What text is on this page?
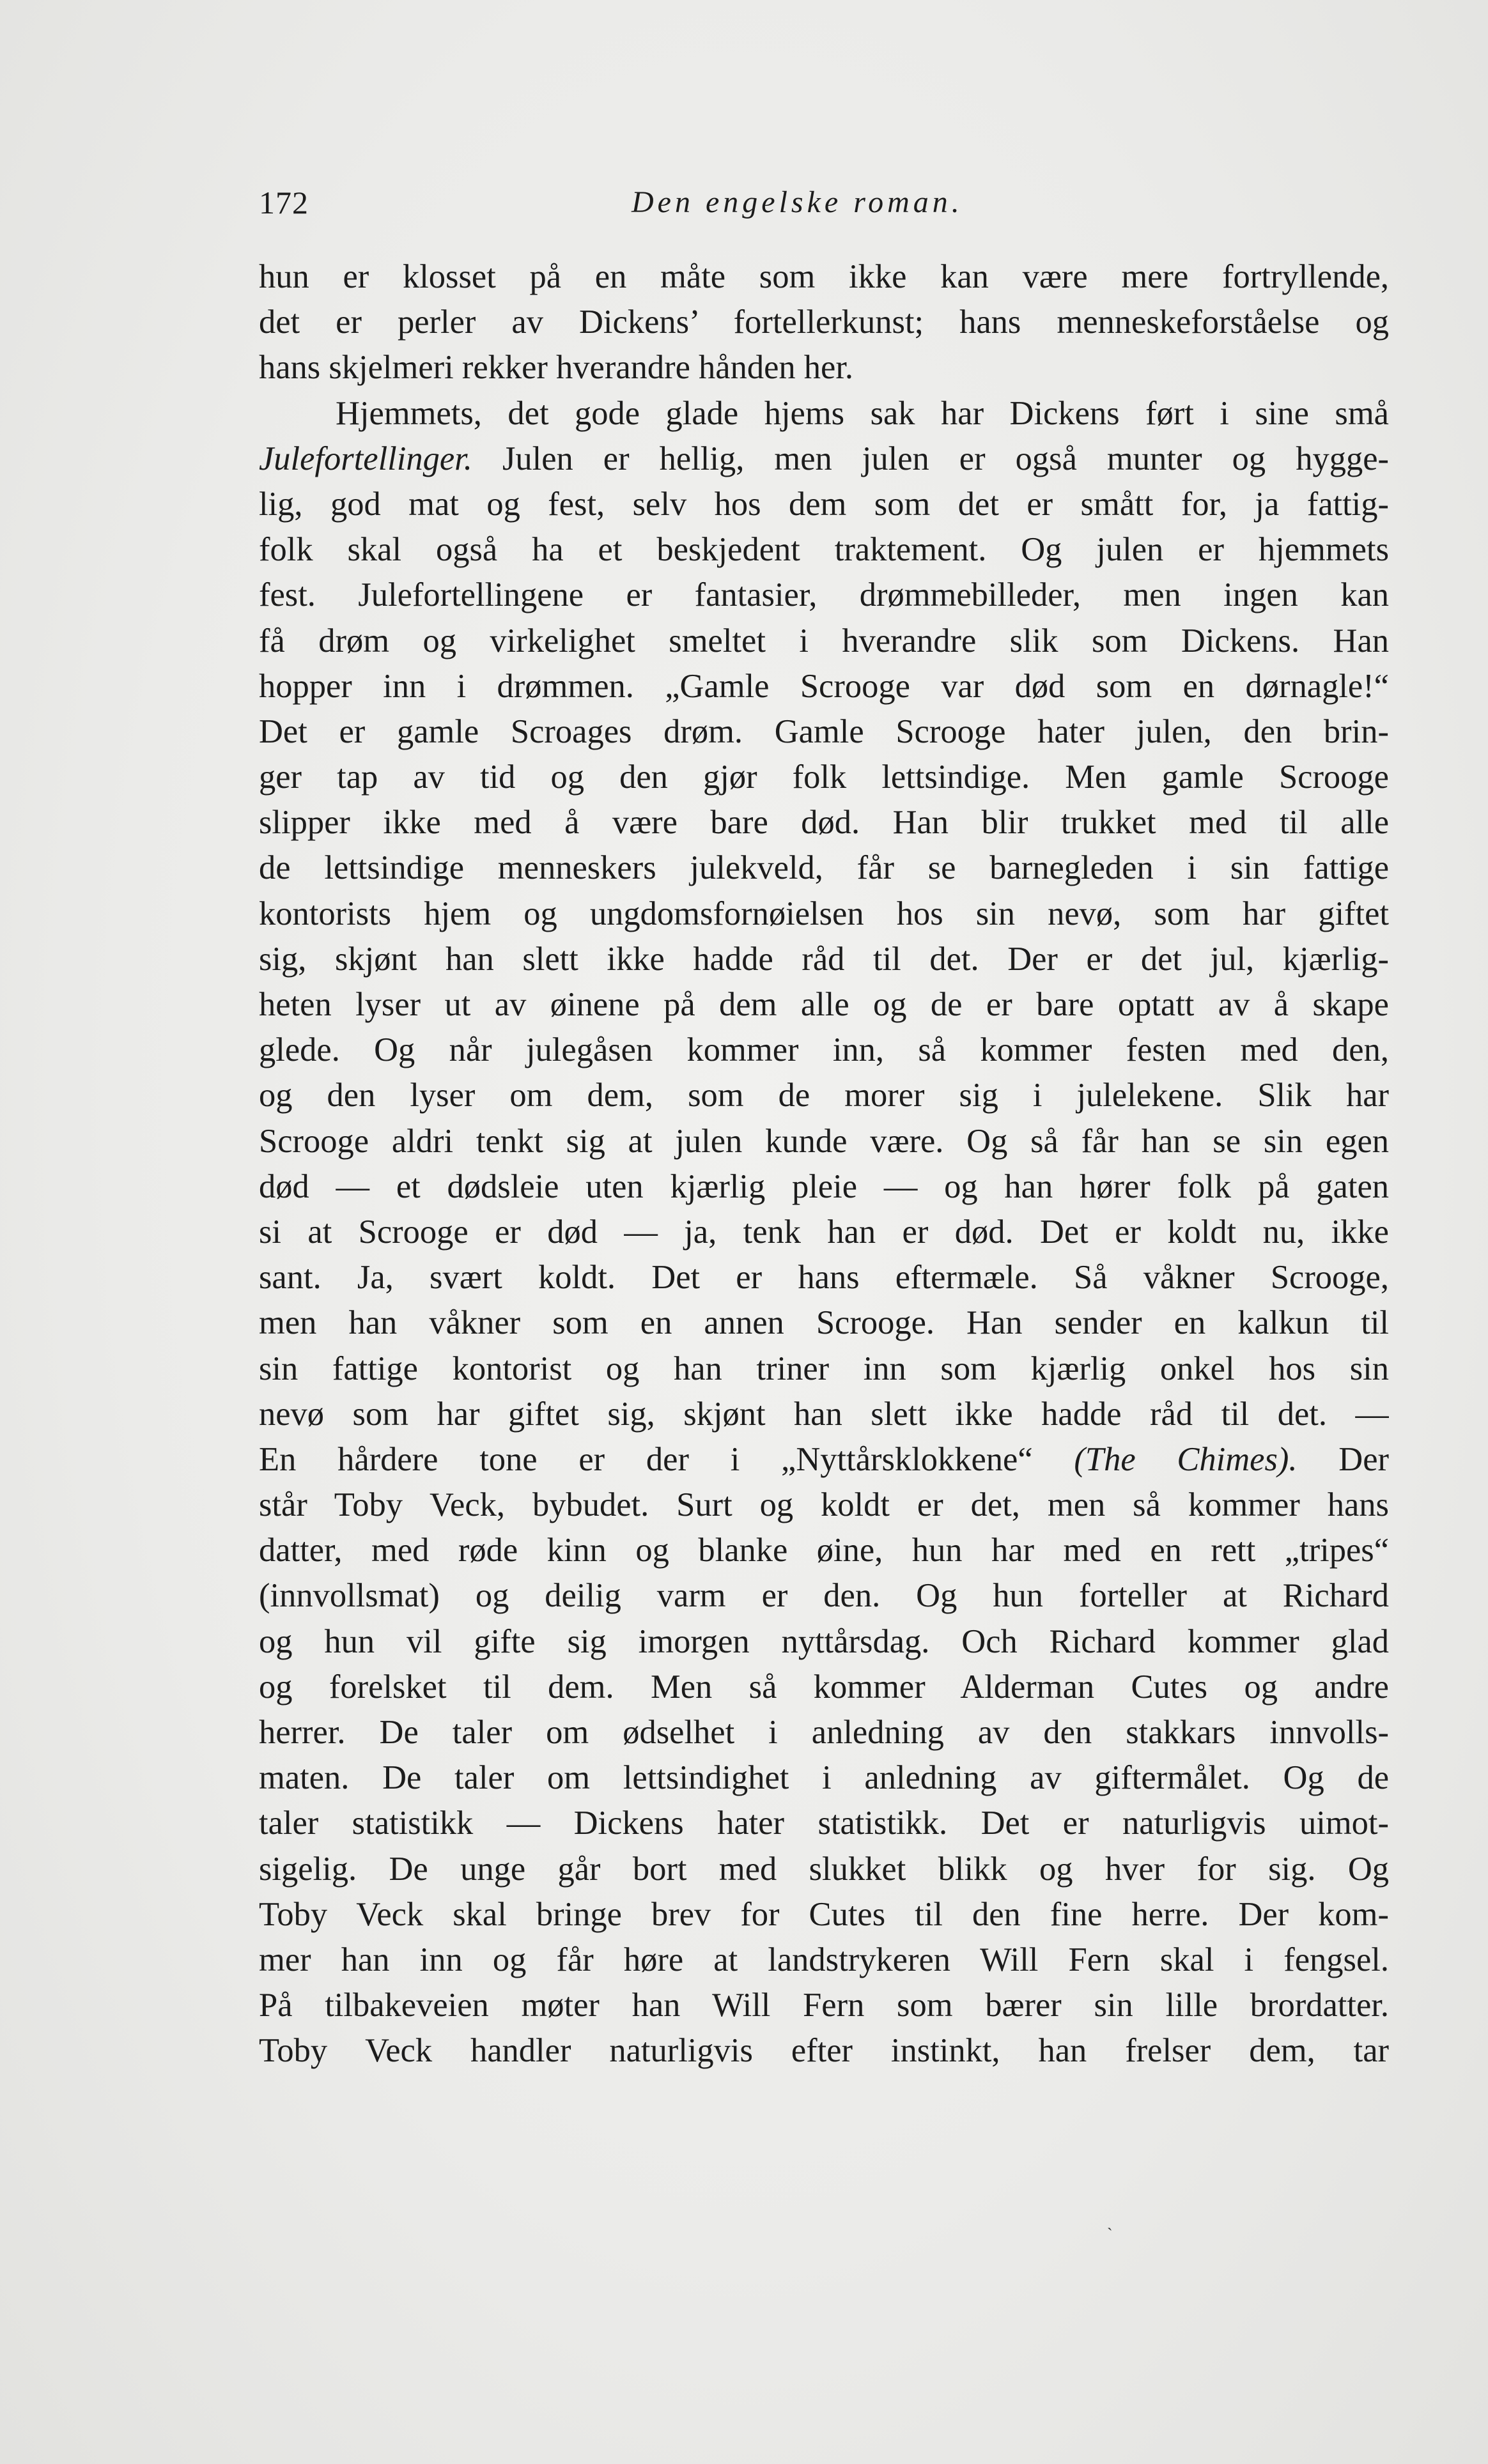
172	Den engelske roman.
hun er klosset på en måte som ikke kan være mere fortryllende,
det er perler av Dickens’ fortellerkunst; hans menneskeforståelse og
hans skjelmeri rekker hverandre hånden her.
Hjemmets, det gode glade hjems sak har Dickens ført i sine små
Julefortellinger. Julen er hellig, men julen er også munter og hygge-
lig, god mat og fest, selv hos dem som det er smått for, ja fattig-
folk skal også ha et beskjedent traktement. Og julen er hjemmets
fest. Julefortellingene er fantasier, drømmebilleder, men ingen kan
få drøm og virkelighet smeltet i hverandre slik som Dickens. Han
hopper inn i drømmen. „Gamle Scrooge var død som en dørnagle!“
Det er gamle Scroages drøm. Gamle Scrooge hater julen, den brin-
ger tap av tid og den gjør folk lettsindige. Men gamle Scrooge
slipper ikke med å være bare død. Han blir trukket med til alle
de lettsindige menneskers julekveld, får se barnegleden i sin fattige
kontorists hjem og ungdomsfornøielsen hos sin nevø, som har giftet
sig, skjønt han slett ikke hadde råd til det. Der er det jul, kjærlig-
heten lyser ut av øinene på dem alle og de er bare optatt av å skape
glede. Og når julegåsen kommer inn, så kommer festen med den,
og den lyser om dem, som de morer sig i julelekene. Slik har
Scrooge aldri tenkt sig at julen kunde være. Og så får han se sin egen
død — et dødsleie uten kjærlig pleie — og han hører folk på gaten
si at Scrooge er død — ja, tenk han er død. Det er koldt nu, ikke
sant. Ja, svært koldt. Det er hans eftermæle. Så våkner Scrooge,
men han våkner som en annen Scrooge. Han sender en kalkun til
sin fattige kontorist og han triner inn som kjærlig onkel hos sin
nevø som har giftet sig, skjønt han slett ikke hadde råd til det. —
En hårdere tone er der i „Nyttårsklokkene“ (The Chimes). Der
står Toby Veck, bybudet. Surt og koldt er det, men så kommer hans
datter, med røde kinn og blanke øine, hun har med en rett „tripes“
(innvollsmat) og deilig varm er den. Og hun forteller at Richard
og hun vil gifte sig imorgen nyttårsdag. Och Richard kommer glad
og forelsket til dem. Men så kommer Alderman Cutes og andre
herrer. De taler om ødselhet i anledning av den stakkars innvolls-
maten. De taler om lettsindighet i anledning av giftermålet. Og de
taler statistikk — Dickens hater statistikk. Det er naturligvis uimot-
sigelig. De unge går bort med slukket blikk og hver for sig. Og
Toby Veck skal bringe brev for Cutes til den fine herre. Der kom-
mer han inn og får høre at landstrykeren Will Fern skal i fengsel.
På tilbakeveien møter han Will Fern som bærer sin lille brordatter.
Toby Veck handler naturligvis efter instinkt, han frelser dem, tar
ˎ
